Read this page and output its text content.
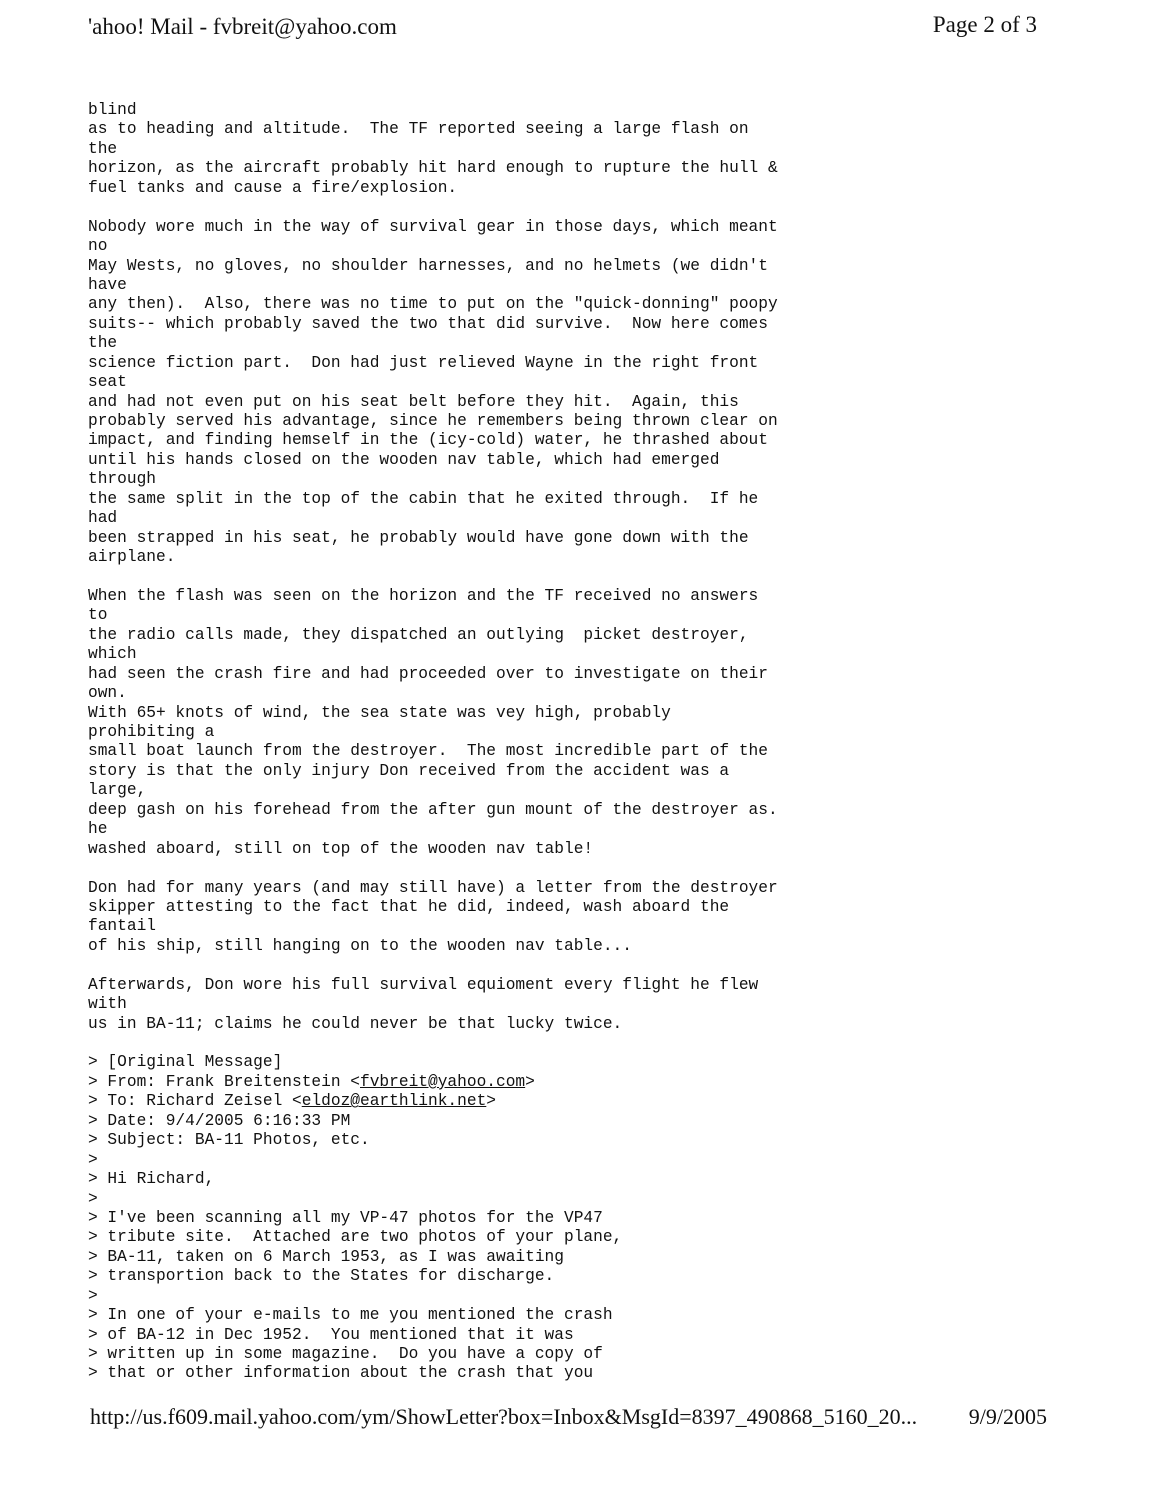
'ahoo! Mail - fvbreit@yahoo.com	Page 2 of 3
blind
as to heading and altitude.  The TF reported seeing a large flash on
the
horizon, as the aircraft probably hit hard enough to rupture the hull &
fuel tanks and cause a fire/explosion.
Nobody wore much in the way of survival gear in those days, which meant
no
May Wests, no gloves, no shoulder harnesses, and no helmets (we didn't
have
any then).  Also, there was no time to put on the "quick-donning" poopy
suits-- which probably saved the two that did survive.  Now here comes
the
science fiction part.  Don had just relieved Wayne in the right front
seat
and had not even put on his seat belt before they hit.  Again, this
probably served his advantage, since he remembers being thrown clear on
impact, and finding hemself in the (icy-cold) water, he thrashed about
until his hands closed on the wooden nav table, which had emerged
through
the same split in the top of the cabin that he exited through.  If he
had
been strapped in his seat, he probably would have gone down with the
airplane.
When the flash was seen on the horizon and the TF received no answers
to
the radio calls made, they dispatched an outlying  picket destroyer,
which
had seen the crash fire and had proceeded over to investigate on their
own.
With 65+ knots of wind, the sea state was vey high, probably
prohibiting a
small boat launch from the destroyer.  The most incredible part of the
story is that the only injury Don received from the accident was a
large,
deep gash on his forehead from the after gun mount of the destroyer as.
he
washed aboard, still on top of the wooden nav table!
Don had for many years (and may still have) a letter from the destroyer
skipper attesting to the fact that he did, indeed, wash aboard the
fantail
of his ship, still hanging on to the wooden nav table...
Afterwards, Don wore his full survival equioment every flight he flew
with
us in BA-11; claims he could never be that lucky twice.
> [Original Message]
> From: Frank Breitenstein <fvbreit@yahoo.com>
> To: Richard Zeisel <eldoz@earthlink.net>
> Date: 9/4/2005 6:16:33 PM
> Subject: BA-11 Photos, etc.
>
> Hi Richard,
>
> I've been scanning all my VP-47 photos for the VP47
> tribute site.  Attached are two photos of your plane,
> BA-11, taken on 6 March 1953, as I was awaiting
> transportion back to the States for discharge.
>
> In one of your e-mails to me you mentioned the crash
> of BA-12 in Dec 1952.  You mentioned that it was
> written up in some magazine.  Do you have a copy of
> that or other information about the crash that you
http://us.f609.mail.yahoo.com/ym/ShowLetter?box=Inbox&MsgId=8397_490868_5160_20... 9/9/2005
